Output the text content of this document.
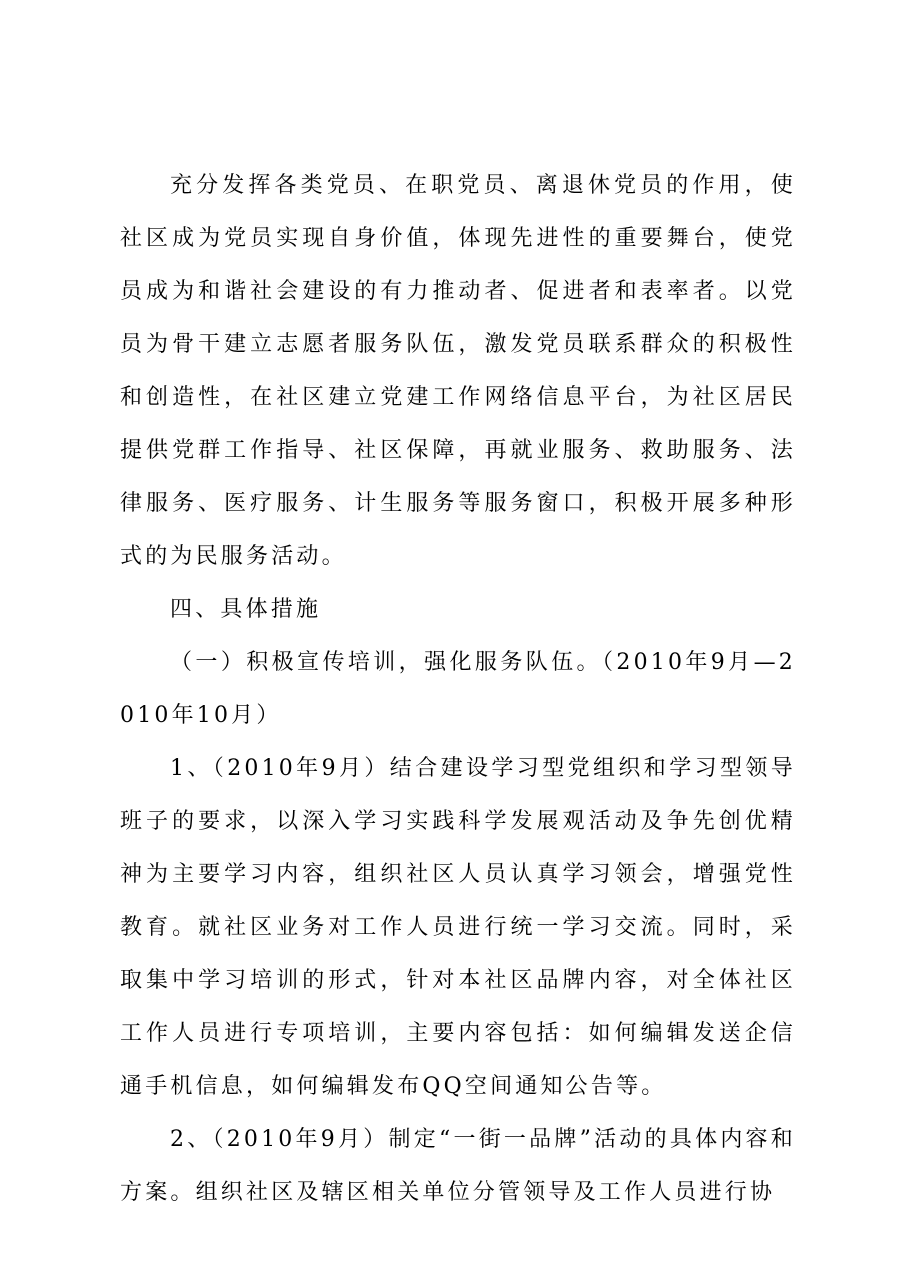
充分发挥各类党员、在职党员、离退休党员的作用，使社区成为党员实现自身价值，体现先进性的重要舞台，使党员成为和谐社会建设的有力推动者、促进者和表率者。以党员为骨干建立志愿者服务队伍，激发党员联系群众的积极性和创造性，在社区建立党建工作网络信息平台，为社区居民提供党群工作指导、社区保障，再就业服务、救助服务、法律服务、医疗服务、计生服务等服务窗口，积极开展多种形式的为民服务活动。

四、具体措施

（一）积极宣传培训，强化服务队伍。（2010年9月—2010年10月）

1、（2010年9月）结合建设学习型党组织和学习型领导班子的要求，以深入学习实践科学发展观活动及争先创优精神为主要学习内容，组织社区人员认真学习领会，增强党性教育。就社区业务对工作人员进行统一学习交流。同时，采取集中学习培训的形式，针对本社区品牌内容，对全体社区工作人员进行专项培训，主要内容包括：如何编辑发送企信通手机信息，如何编辑发布QQ空间通知公告等。

2、（2010年9月）制定“一街一品牌”活动的具体内容和方案。组织社区及辖区相关单位分管领导及工作人员进行协
